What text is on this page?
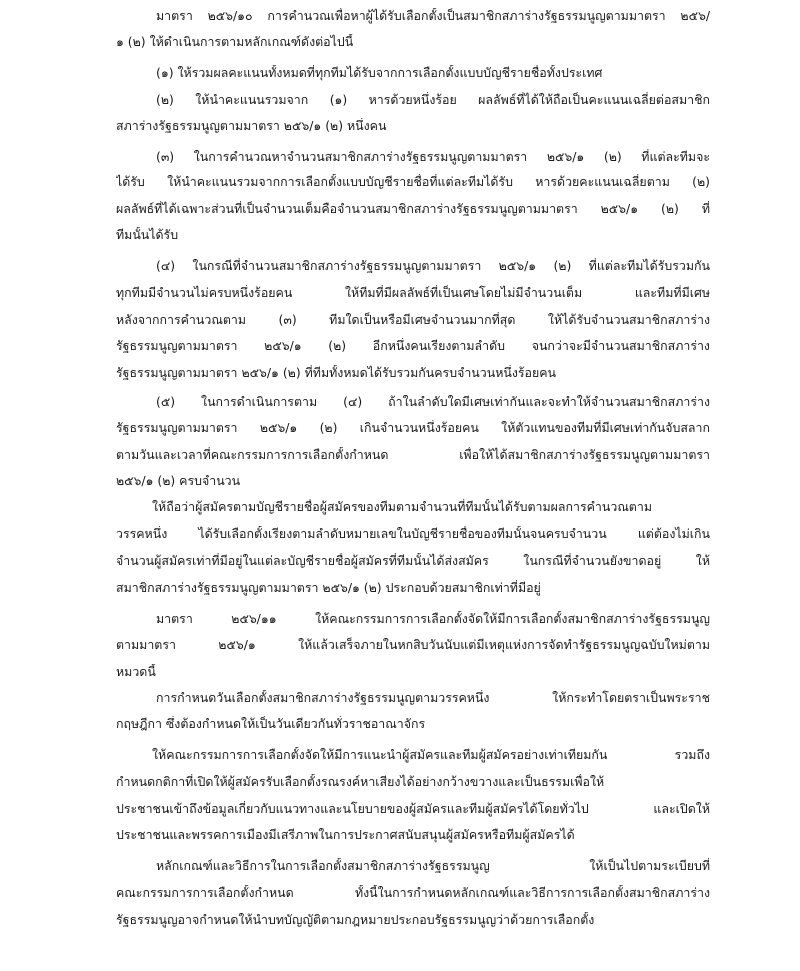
มาตรา ๒๕๖/๑๐ การคำนวณเพื่อหาผู้ได้รับเลือกตั้งเป็นสมาชิกสภาร่างรัฐธรรมนูญตามมาตรา ๒๕๖/
๑ (๒) ให้ดำเนินการตามหลักเกณฑ์ดังต่อไปนี้
(๑) ให้รวมผลคะแนนทั้งหมดที่ทุกทีมได้รับจากการเลือกตั้งแบบบัญชีรายชื่อทั้งประเทศ
(๒) ให้นำคะแนนรวมจาก (๑) หารด้วยหนึ่งร้อย ผลลัพธ์ที่ได้ให้ถือเป็นคะแนนเฉลี่ยต่อสมาชิก
สภาร่างรัฐธรรมนูญตามมาตรา ๒๕๖/๑ (๒) หนึ่งคน
(๓) ในการคำนวณหาจำนวนสมาชิกสภาร่างรัฐธรรมนูญตามมาตรา ๒๕๖/๑ (๒) ที่แต่ละทีมจะ
ได้รับ ให้นำคะแนนรวมจากการเลือกตั้งแบบบัญชีรายชื่อที่แต่ละทีมได้รับ หารด้วยคะแนนเฉลี่ยตาม (๒)
ผลลัพธ์ที่ได้เฉพาะส่วนที่เป็นจำนวนเต็มคือจำนวนสมาชิกสภาร่างรัฐธรรมนูญตามมาตรา ๒๕๖/๑ (๒) ที่
ทีมนั้นได้รับ
(๔) ในกรณีที่จำนวนสมาชิกสภาร่างรัฐธรรมนูญตามมาตรา ๒๕๖/๑ (๒) ที่แต่ละทีมได้รับรวมกัน
ทุกทีมมีจำนวนไม่ครบหนึ่งร้อยคน ให้ทีมที่มีผลลัพธ์ที่เป็นเศษโดยไม่มีจำนวนเต็ม และทีมที่มีเศษ
หลังจากการคำนวณตาม (๓) ทีมใดเป็นหรือมีเศษจำนวนมากที่สุด ให้ได้รับจำนวนสมาชิกสภาร่าง
รัฐธรรมนูญตามมาตรา ๒๕๖/๑ (๒) อีกหนึ่งคนเรียงตามลำดับ จนกว่าจะมีจำนวนสมาชิกสภาร่าง
รัฐธรรมนูญตามมาตรา ๒๕๖/๑ (๒) ที่ทีมทั้งหมดได้รับรวมกันครบจำนวนหนึ่งร้อยคน
(๕) ในการดำเนินการตาม (๔) ถ้าในลำดับใดมีเศษเท่ากันและจะทำให้จำนวนสมาชิกสภาร่าง
รัฐธรรมนูญตามมาตรา ๒๕๖/๑ (๒) เกินจำนวนหนึ่งร้อยคน ให้ตัวแทนของทีมที่มีเศษเท่ากันจับสลาก
ตามวันและเวลาที่คณะกรรมการการเลือกตั้งกำหนด เพื่อให้ได้สมาชิกสภาร่างรัฐธรรมนูญตามมาตรา
๒๕๖/๑ (๒) ครบจำนวน
ให้ถือว่าผู้สมัครตามบัญชีรายชื่อผู้สมัครของทีมตามจำนวนที่ทีมนั้นได้รับตามผลการคำนวณตาม
วรรคหนึ่ง ได้รับเลือกตั้งเรียงตามลำดับหมายเลขในบัญชีรายชื่อของทีมนั้นจนครบจำนวน แต่ต้องไม่เกิน
จำนวนผู้สมัครเท่าที่มีอยู่ในแต่ละบัญชีรายชื่อผู้สมัครที่ทีมนั้นได้ส่งสมัคร ในกรณีที่จำนวนยังขาดอยู่ ให้
สมาชิกสภาร่างรัฐธรรมนูญตามมาตรา ๒๕๖/๑ (๒) ประกอบด้วยสมาชิกเท่าที่มีอยู่
มาตรา ๒๕๖/๑๑ ให้คณะกรรมการการเลือกตั้งจัดให้มีการเลือกตั้งสมาชิกสภาร่างรัฐธรรมนูญ
ตามมาตรา ๒๕๖/๑ ให้แล้วเสร็จภายในหกสิบวันนับแต่มีเหตุแห่งการจัดทำรัฐธรรมนูญฉบับใหม่ตาม
หมวดนี้
การกำหนดวันเลือกตั้งสมาชิกสภาร่างรัฐธรรมนูญตามวรรคหนึ่ง ให้กระทำโดยตราเป็นพระราช
กฤษฎีกา ซึ่งต้องกำหนดให้เป็นวันเดียวกันทั่วราชอาณาจักร
ให้คณะกรรมการการเลือกตั้งจัดให้มีการแนะนำผู้สมัครและทีมผู้สมัครอย่างเท่าเทียมกัน รวมถึง
กำหนดกติกาที่เปิดให้ผู้สมัครรับเลือกตั้งรณรงค์หาเสียงได้อย่างกว้างขวางและเป็นธรรมเพื่อให้
ประชาชนเข้าถึงข้อมูลเกี่ยวกับแนวทางและนโยบายของผู้สมัครและทีมผู้สมัครได้โดยทั่วไป และเปิดให้
ประชาชนและพรรคการเมืองมีเสรีภาพในการประกาศสนับสนุนผู้สมัครหรือทีมผู้สมัครได้
หลักเกณฑ์และวิธีการในการเลือกตั้งสมาชิกสภาร่างรัฐธรรมนูญ ให้เป็นไปตามระเบียบที่
คณะกรรมการการเลือกตั้งกำหนด ทั้งนี้ในการกำหนดหลักเกณฑ์และวิธีการการเลือกตั้งสมาชิกสภาร่าง
รัฐธรรมนูญอาจกำหนดให้นำบทบัญญัติตามกฎหมายประกอบรัฐธรรมนูญว่าด้วยการเลือกตั้ง
